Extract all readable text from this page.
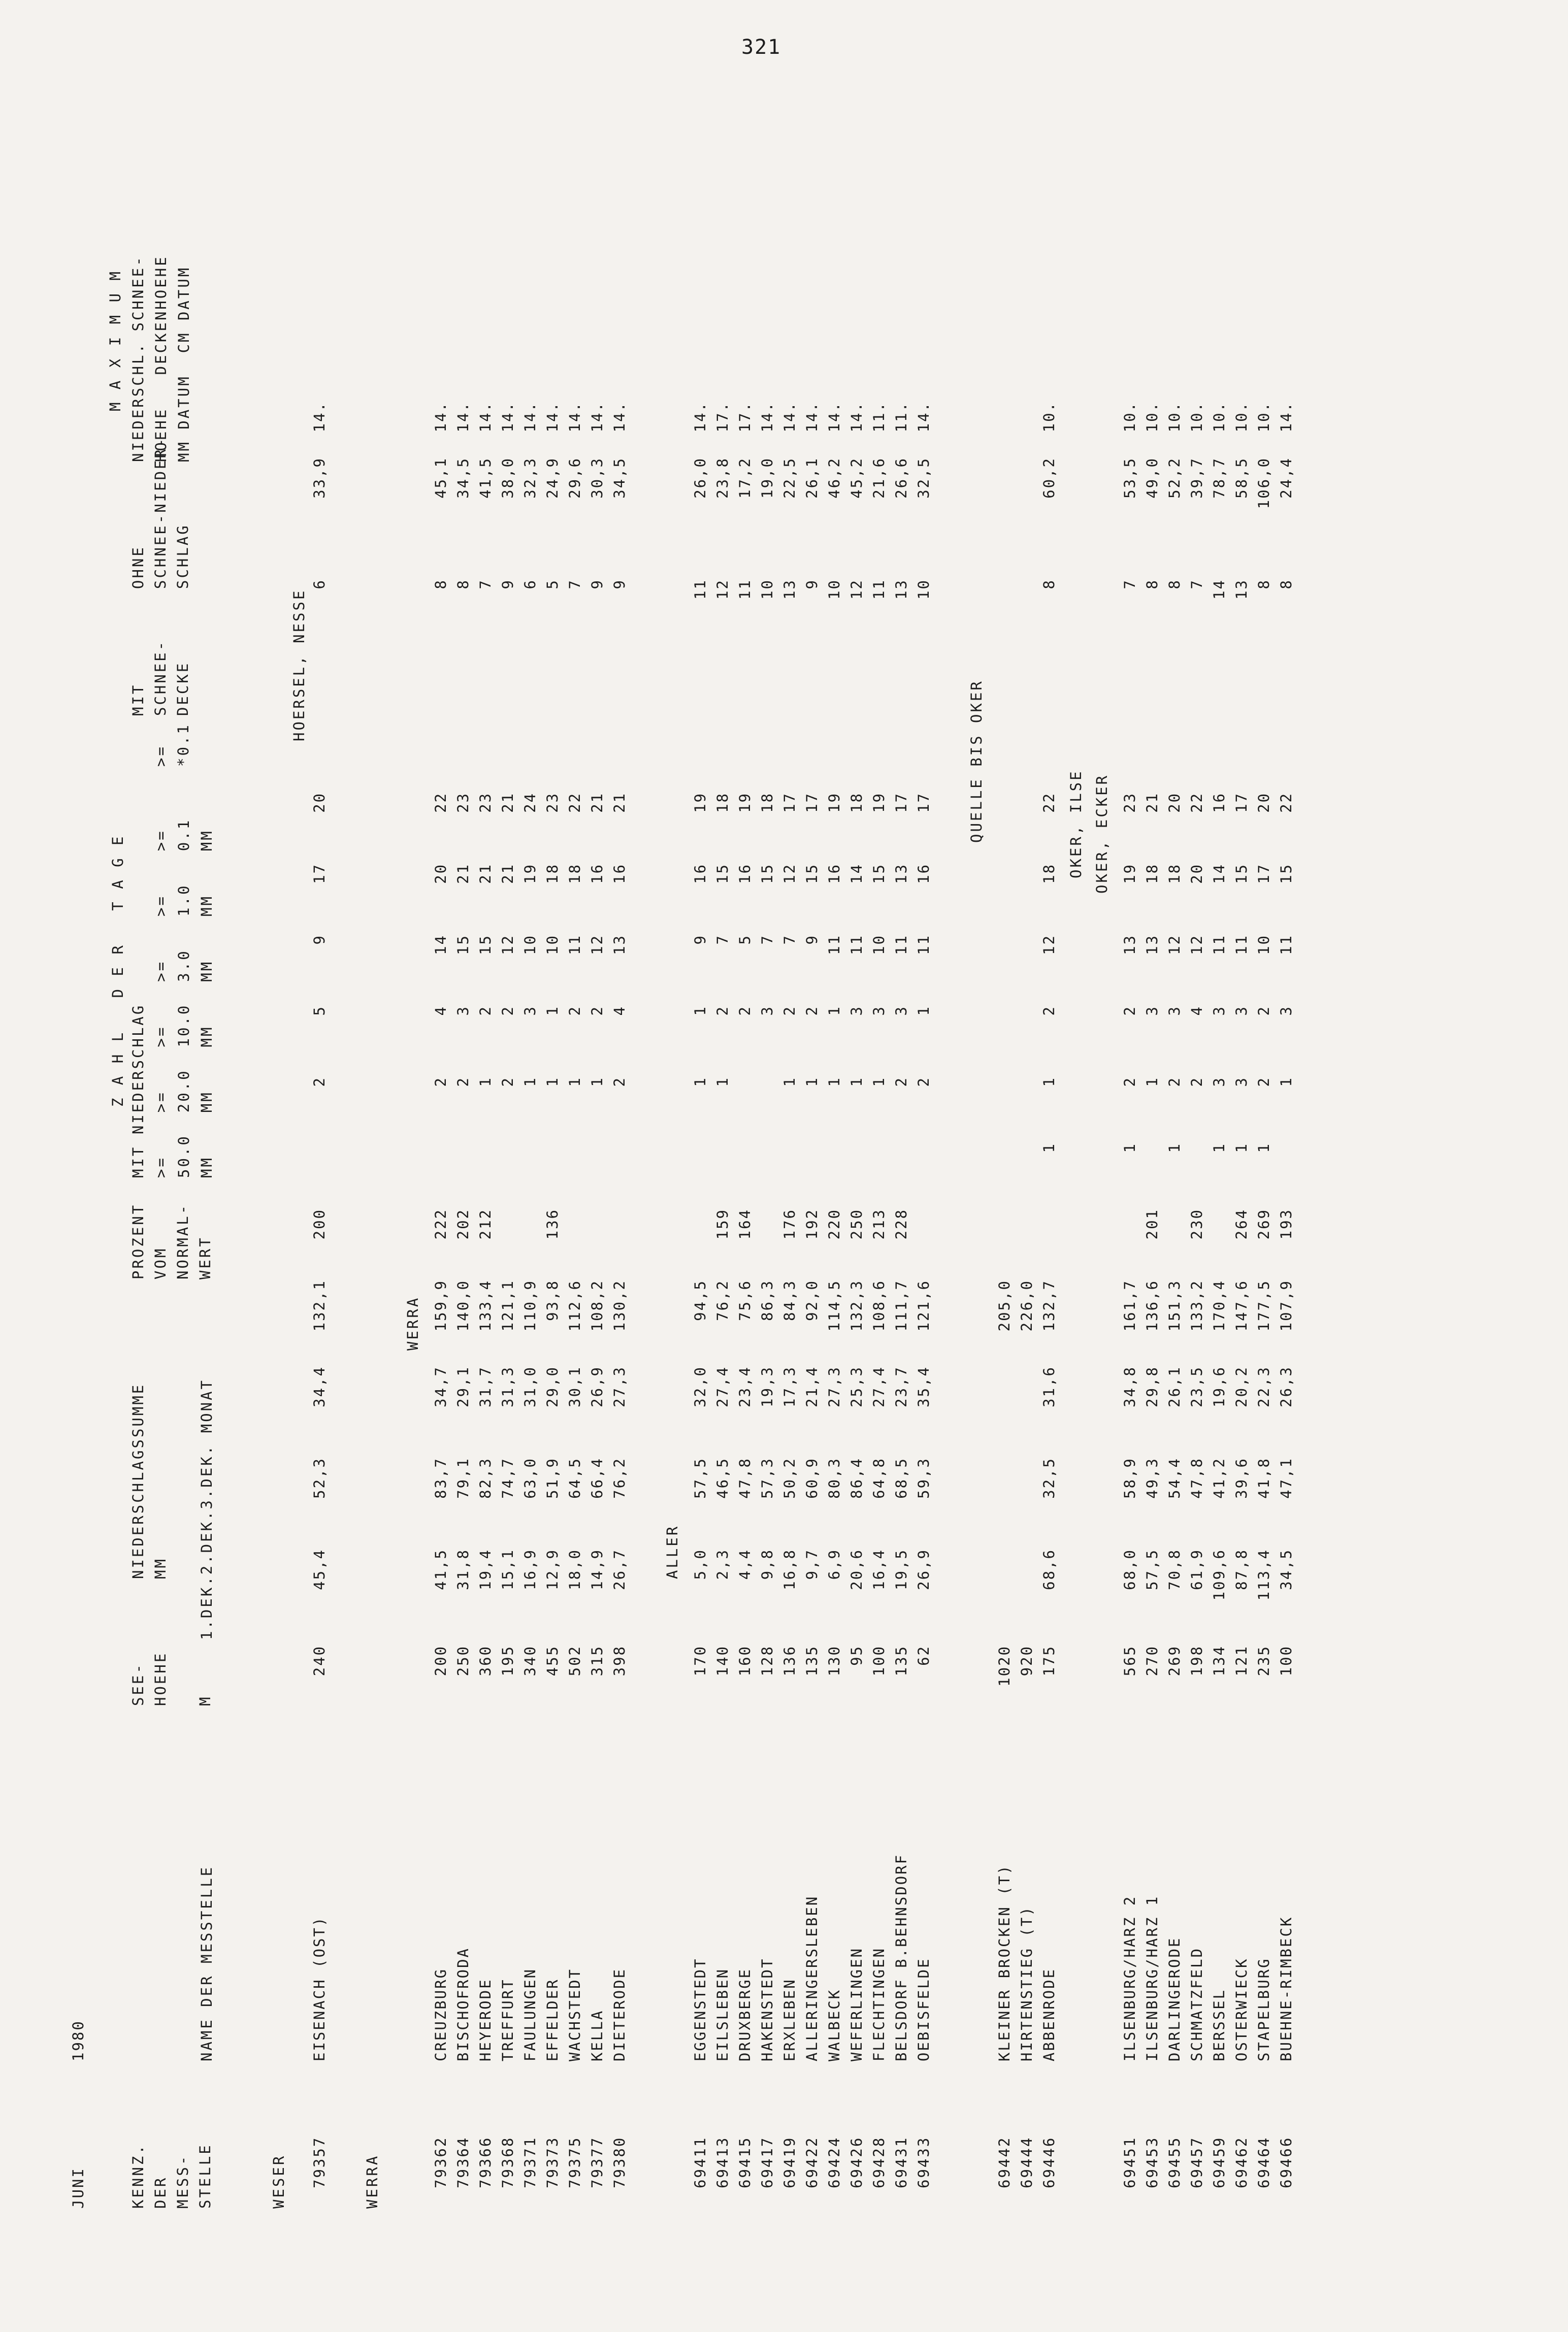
321
JUNI
1980
KENNZ.
DER
MESS-
STELLE
NAME DER MESSTELLE
SEE-
HOEHE

M
NIEDERSCHLAGSSUMME
MM 1.DEK.2.DEK.3.DEK. MONAT
PROZENT
VOM
NORMAL-
WERT
Z A H L   D E R   T A G E MIT NIEDERSCHLAG >=    >=    >=    >=    >=    >= 50.0  20.0  10.0  3.0   1.0   0.1 MM    MM    MM    MM    MM    MM
MIT
SCHNEE-
DECKE
>=
*0.1
OHNE
SCHNEE-NIEDER-
SCHLAG
M A X I M U M NIEDERSCHL. SCHNEE- HOEHE   DECKENHOEHE MM DATUM  CM DATUM
WESER 79357
EISENACH (OST)
240
45,4
52,3
34,4
132,1
200
2
5
9
17
20
6
33,9
14.
HOERSEL, NESSE
WERRA
WERRA
79362
CREUZBURG
200
41,5
83,7
34,7
159,9
222
2
4
14
20
22
8
45,1
14.
79364
BISCHOFRODA
250
31,8
79,1
29,1
140,0
202
2
3
15
21
23
8
34,5
14.
79366
HEYERODE
360
19,4
82,3
31,7
133,4
212
1
2
15
21
23
7
41,5
14.
79368
TREFFURT
195
15,1
74,7
31,3
121,1
2
2
12
21
21
9
38,0
14.
79371
FAULUNGEN
340
16,9
63,0
31,0
110,9
1
3
10
19
24
6
32,3
14.
79373
EFFELDER
455
12,9
51,9
29,0
93,8
136
1
1
10
18
23
5
24,9
14.
79375
WACHSTEDT
502
18,0
64,5
30,1
112,6
1
2
11
18
22
7
29,6
14.
79377
KELLA
315
14,9
66,4
26,9
108,2
1
2
12
16
21
9
30,3
14.
79380
DIETERODE
398
26,7
76,2
27,3
130,2
2
4
13
16
21
9
34,5
14.
ALLER
69411
EGGENSTEDT
170
5,0
57,5
32,0
94,5
1
1
9
16
19
11
26,0
14.
69413
EILSLEBEN
140
2,3
46,5
27,4
76,2
159
1
2
7
15
18
12
23,8
17.
69415
DRUXBERGE
160
4,4
47,8
23,4
75,6
164
2
5
16
19
11
17,2
17.
69417
HAKENSTEDT
128
9,8
57,3
19,3
86,3
3
7
15
18
10
19,0
14.
69419
ERXLEBEN
136
16,8
50,2
17,3
84,3
176
1
2
7
12
17
13
22,5
14.
69422
ALLERINGERSLEBEN
135
9,7
60,9
21,4
92,0
192
1
2
9
15
17
9
26,1
14.
69424
WALBECK
130
6,9
80,3
27,3
114,5
220
1
1
11
16
19
10
46,2
14.
69426
WEFERLINGEN
95
20,6
86,4
25,3
132,3
250
1
3
11
14
18
12
45,2
14.
69428
FLECHTINGEN
100
16,4
64,8
27,4
108,6
213
1
3
10
15
19
11
21,6
11.
69431
BELSDORF B.BEHNSDORF
135
19,5
68,5
23,7
111,7
228
2
3
11
13
17
13
26,6
11.
69433
OEBISFELDE
62
26,9
59,3
35,4
121,6
2
1
11
16
17
10
32,5
14.
QUELLE BIS OKER
69442
KLEINER BROCKEN (T)
1020
205,0
69444
HIRTENSTIEG (T)
920
226,0
69446
ABBENRODE
175
68,6
32,5
31,6
132,7
1
1
2
12
18
22
8
60,2
10.
OKER, ECKER
69451
ILSENBURG/HARZ 2
565
68,0
58,9
34,8
161,7
1
2
2
13
19
23
7
53,5
10.
69453
ILSENBURG/HARZ 1
270
57,5
49,3
29,8
136,6
201
1
3
13
18
21
8
49,0
10.
69455
DARLINGERODE
269
70,8
54,4
26,1
151,3
1
2
3
12
18
20
8
52,2
10.
69457
SCHMATZFELD
198
61,9
47,8
23,5
133,2
230
2
4
12
20
22
7
39,7
10.
69459
BERSSEL
134
109,6
41,2
19,6
170,4
1
3
3
11
14
16
14
78,7
10.
69462
OSTERWIECK
121
87,8
39,6
20,2
147,6
264
1
3
3
11
15
17
13
58,5
10.
69464
STAPELBURG
235
113,4
41,8
22,3
177,5
269
1
2
2
10
17
20
8
106,0
10.
69466
BUEHNE-RIMBECK
100
34,5
47,1
26,3
107,9
193
1
3
11
15
22
8
24,4
14.
OKER, ILSE
